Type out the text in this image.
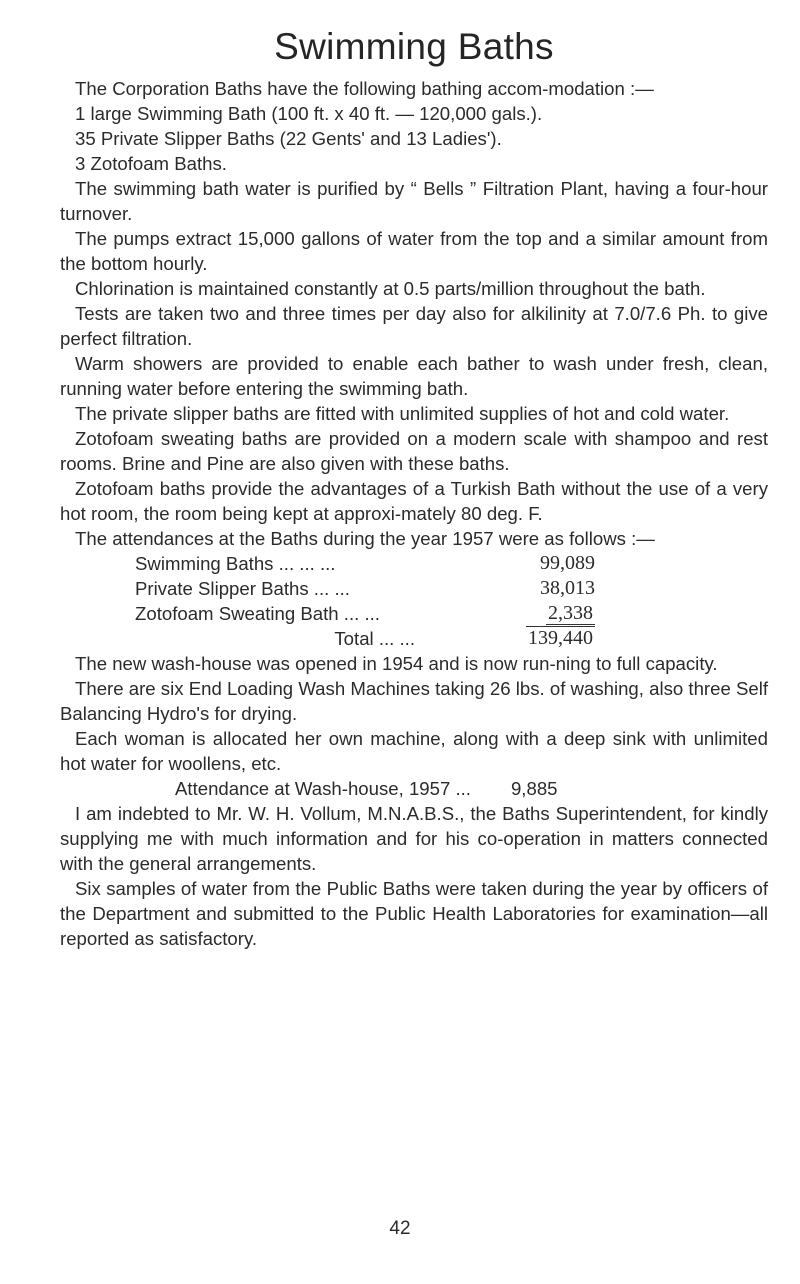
Swimming Baths

The Corporation Baths have the following bathing accom-modation :—

1 large Swimming Bath (100 ft. x 40 ft. — 120,000 gals.).

35 Private Slipper Baths (22 Gents' and 13 Ladies').

3 Zotofoam Baths.

The swimming bath water is purified by “ Bells ” Filtration Plant, having a four-hour turnover.

The pumps extract 15,000 gallons of water from the top and a similar amount from the bottom hourly.

Chlorination is maintained constantly at 0.5 parts/million throughout the bath.

Tests are taken two and three times per day also for alkilinity at 7.0/7.6 Ph. to give perfect filtration.

Warm showers are provided to enable each bather to wash under fresh, clean, running water before entering the swimming bath.

The private slipper baths are fitted with unlimited supplies of hot and cold water.

Zotofoam sweating baths are provided on a modern scale with shampoo and rest rooms. Brine and Pine are also given with these baths.

Zotofoam baths provide the advantages of a Turkish Bath without the use of a very hot room, the room being kept at approxi-mately 80 deg. F.

The attendances at the Baths during the year 1957 were as follows :—

Swimming Baths ... ... ...	99,089
Private Slipper Baths ... ...	38,013
Zotofoam Sweating Bath ... ...	2,338
Total ... ...	139,440

The new wash-house was opened in 1954 and is now run-ning to full capacity.

There are six End Loading Wash Machines taking 26 lbs. of washing, also three Self Balancing Hydro's for drying.

Each woman is allocated her own machine, along with a deep sink with unlimited hot water for woollens, etc.

Attendance at Wash-house, 1957 ... 9,885

I am indebted to Mr. W. H. Vollum, M.N.A.B.S., the Baths Superintendent, for kindly supplying me with much information and for his co-operation in matters connected with the general arrangements.

Six samples of water from the Public Baths were taken during the year by officers of the Department and submitted to the Public Health Laboratories for examination—all reported as satisfactory.

42
